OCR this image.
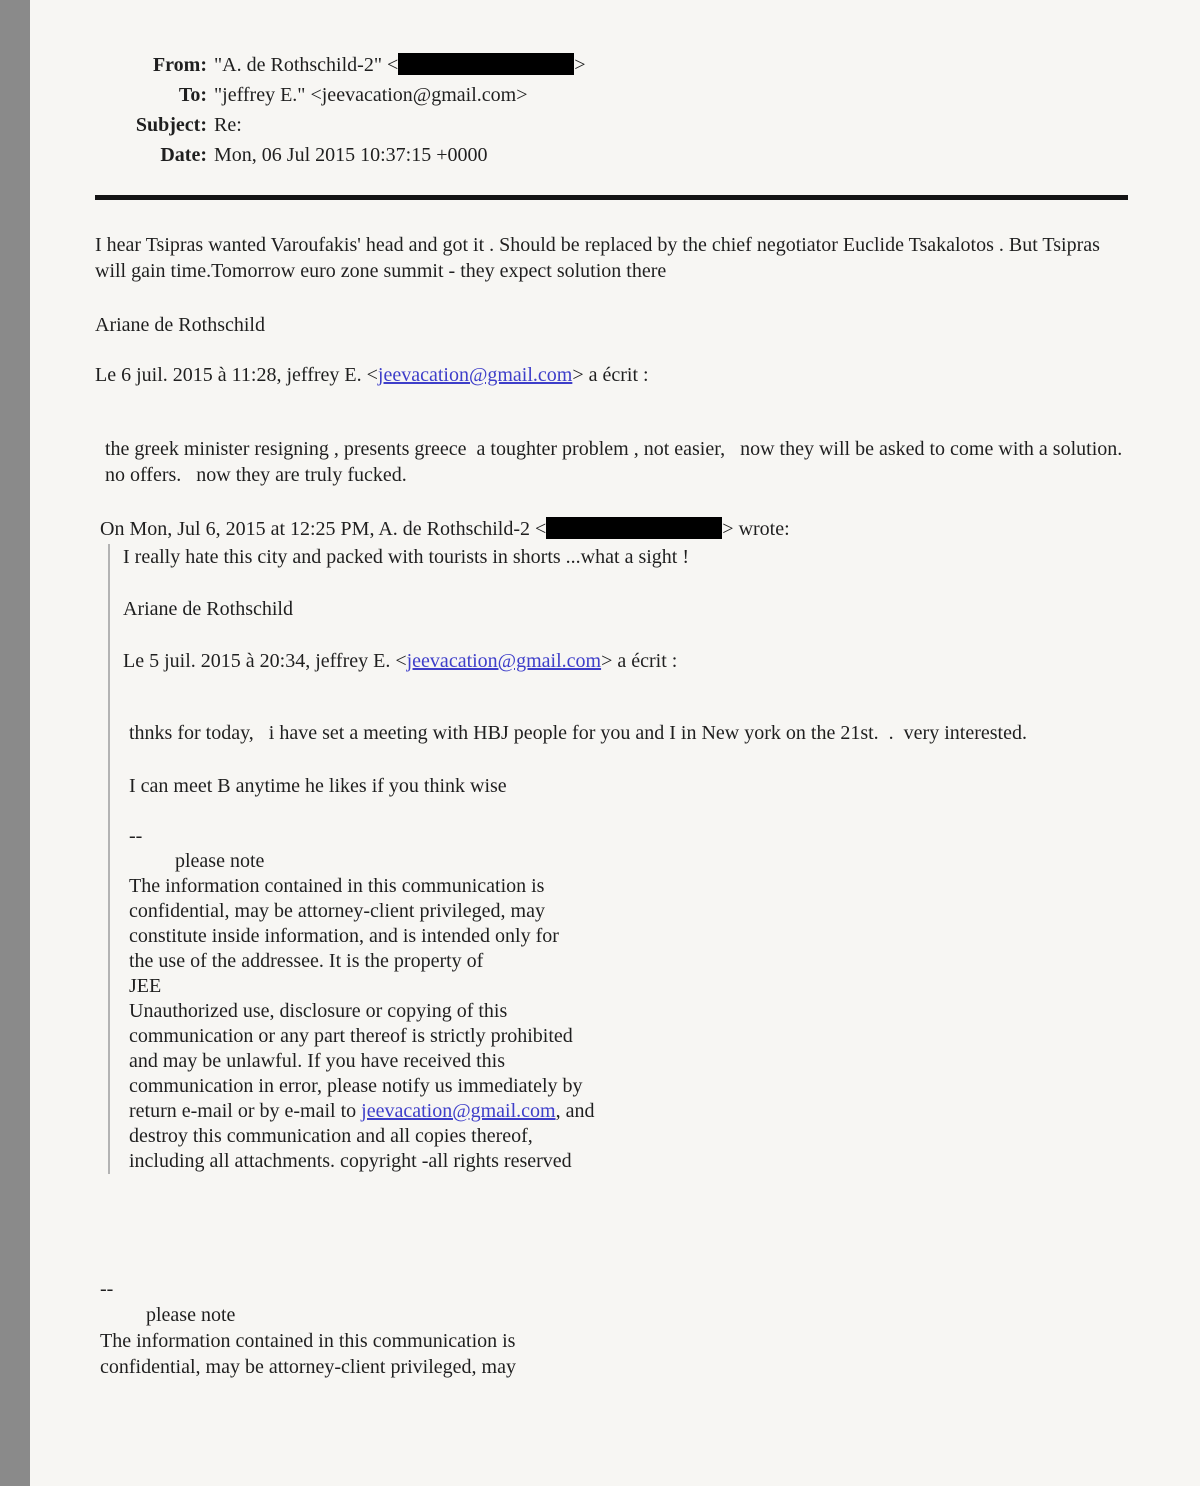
From: "A. de Rothschild-2" <	>
To: "jeffrey E." <jeevacation@gmail.com>
Subject: Re:
Date: Mon, 06 Jul 2015 10:37:15 +0000

I hear Tsipras wanted Varoufakis' head and got it . Should be replaced by the chief negotiator Euclide Tsakalotos . But Tsipras will gain time.Tomorrow euro zone summit - they expect solution there

Ariane de Rothschild

Le 6 juil. 2015 à 11:28, jeffrey E. <jeevacation@gmail.com> a écrit :

the greek minister resigning , presents greece  a toughter problem , not easier,   now they will be asked to come with a solution.  no offers.   now they are truly fucked.

On Mon, Jul 6, 2015 at 12:25 PM, A. de Rothschild-2 <	> wrote:

I really hate this city and packed with tourists in shorts ...what a sight !
Ariane de Rothschild
Le 5 juil. 2015 à 20:34, jeffrey E. <jeevacation@gmail.com> a écrit :
thnks for today,   i have set a meeting with HBJ people for you and I in New york on the 21st.  .  very interested.
I can meet B anytime he likes if you think wise
--
please note
The information contained in this communication is
confidential, may be attorney-client privileged, may
constitute inside information, and is intended only for
the use of the addressee. It is the property of
JEE
Unauthorized use, disclosure or copying of this
communication or any part thereof is strictly prohibited
and may be unlawful. If you have received this
communication in error, please notify us immediately by
return e-mail or by e-mail to jeevacation@gmail.com, and
destroy this communication and all copies thereof,
including all attachments. copyright -all rights reserved
--
please note
The information contained in this communication is
confidential, may be attorney-client privileged, may
